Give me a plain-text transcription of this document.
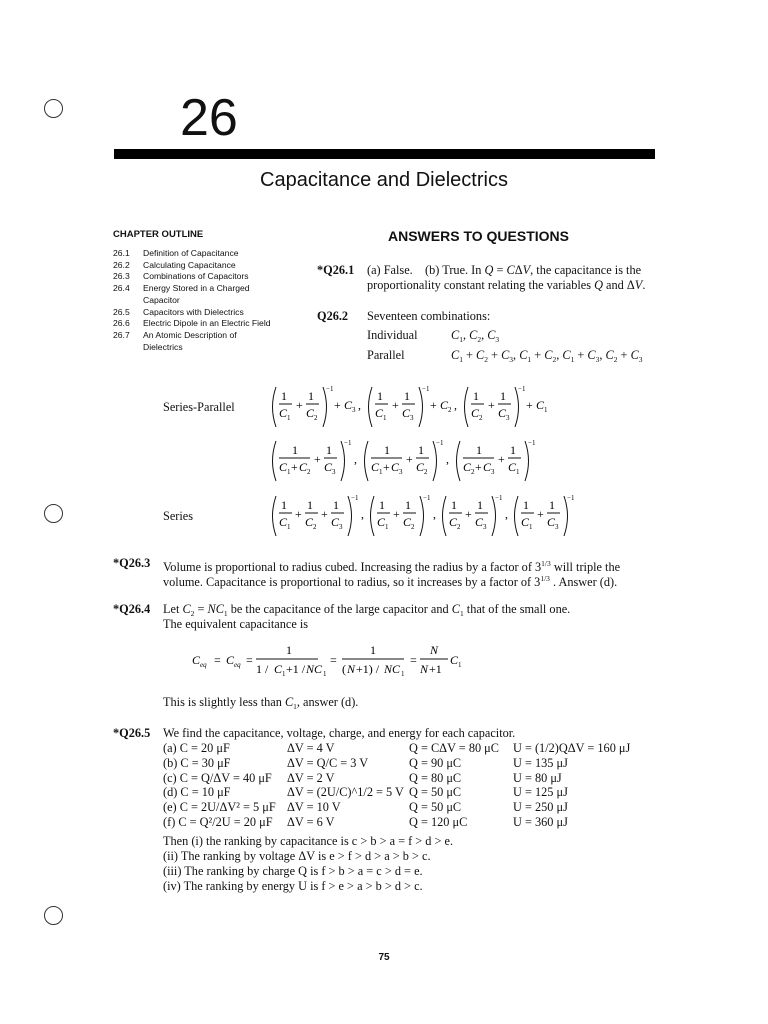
26
Capacitance and Dielectrics
CHAPTER OUTLINE
26.1	Definition of Capacitance
26.2	Calculating Capacitance
26.3	Combinations of Capacitors
26.4	Energy Stored in a Charged Capacitor
26.5	Capacitors with Dielectrics
26.6	Electric Dipole in an Electric Field
26.7	An Atomic Description of Dielectrics
ANSWERS TO QUESTIONS
*Q26.1 (a) False.    (b) True. In Q = CΔV, the capacitance is the
proportionality constant relating the variables Q and ΔV.
Q26.2 Seventeen combinations:
Individual	$C_1$, $C_2$, $C_3$
Parallel	$C_1 + C_2 + C_3$, $C_1 + C_2$, $C_1 + C_3$, $C_2 + C_3$
Series-Parallel
Series
1
C 1
+
1
C 2
−1
+ C 3 ,
1
C 1
+
1
C 3
−1
+ C 2 ,
1
C 2
+
1
C 3
−1
+ C 1
1
C 1 + C 2
+
1
C 3
−1
,
1
C 1 + C 3
+
1
C 2
−1
,
1
C 2 + C 3
+
1
C 1
−1
1
C 1
+
1
C 2
+
1
C 3
−1
,
1
C 1
+
1
C 2
−1
,
1
C 2
+
1
C 3
−1
,
1
C 1
+
1
C 3
−1
*Q26.3 Volume is proportional to radius cubed. Increasing the radius by a factor of $3^{1/3}$ will triple the
volume. Capacitance is proportional to radius, so it increases by a factor of $3^{1/3}$ . Answer (d).
*Q26.4 Let $C_2 = NC_1$ be the capacitance of the large capacitor and $C_1$ that of the small one.
The equivalent capacitance is
C eq = C eq =
1
1 / C 1 +1 / NC 1
=
1
( N +1) / NC 1
=
N
N +1
C 1
This is slightly less than $C_1$, answer (d).
*Q26.5 We find the capacitance, voltage, charge, and energy for each capacitor.
(a) C = 20 μF	ΔV = 4 V	Q = CΔV = 80 μC	U = (1/2)QΔV = 160 μJ
(b) C = 30 μF	ΔV = Q/C = 3 V	Q = 90 μC	U = 135 μJ
(c) C = Q/ΔV = 40 μF	ΔV = 2 V	Q = 80 μC	U = 80 μJ
(d) C = 10 μF	ΔV = (2U/C)^1/2 = 5 V	Q = 50 μC	U = 125 μJ
(e) C = 2U/ΔV² = 5 μF	ΔV = 10 V	Q = 50 μC	U = 250 μJ
(f) C = Q²/2U = 20 μF	ΔV = 6 V	Q = 120 μC	U = 360 μJ
Then (i) the ranking by capacitance is c > b > a = f > d > e.
(ii) The ranking by voltage ΔV is e > f > d > a > b > c.
(iii) The ranking by charge Q is f > b > a = c > d = e.
(iv) The ranking by energy U is f > e > a > b > d > c.
75
